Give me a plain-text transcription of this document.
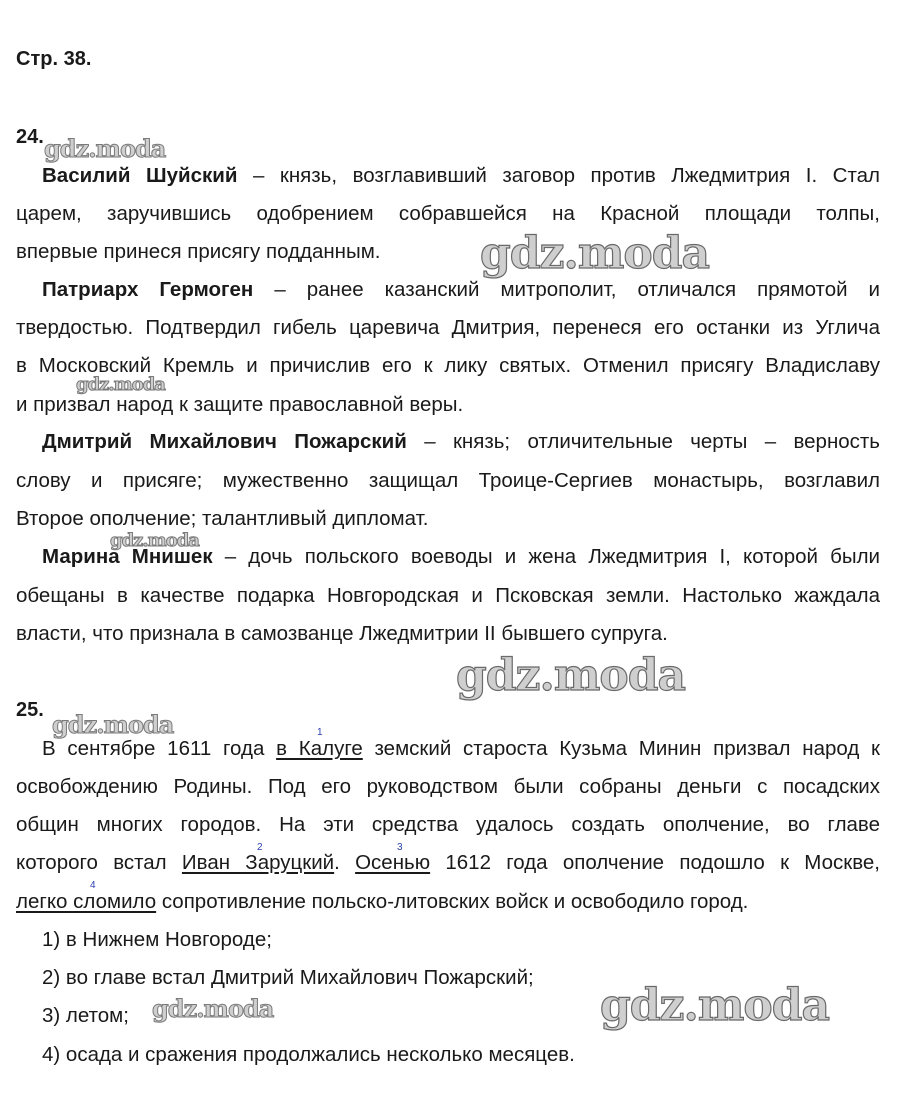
Стр. 38.
24.
Василий Шуйский – князь, возглавивший заговор против Лжедмитрия I. Стал
царем, заручившись одобрением собравшейся на Красной площади толпы,
впервые принеся присягу подданным.
Патриарх Гермоген – ранее казанский митрополит, отличался прямотой и
твердостью. Подтвердил гибель царевича Дмитрия, перенеся его останки из Углича
в Московский Кремль и причислив его к лику святых. Отменил присягу Владиславу
и призвал народ к защите православной веры.
Дмитрий Михайлович Пожарский – князь; отличительные черты – верность
слову и присяге; мужественно защищал Троице-Сергиев монастырь, возглавил
Второе ополчение; талантливый дипломат.
Марина Мнишек – дочь польского воеводы и жена Лжедмитрия I, которой были
обещаны в качестве подарка Новгородская и Псковская земли. Настолько жаждала
власти, что признала в самозванце Лжедмитрии II бывшего супруга.
25.
В сентябре 1611 года в Калуге земский староста Кузьма Минин призвал народ к
освобождению Родины. Под его руководством были собраны деньги с посадских
общин многих городов. На эти средства удалось создать ополчение, во главе
которого встал Иван Заруцкий. Осенью 1612 года ополчение подошло к Москве,
легко сломило сопротивление польско-литовских войск и освободило город.
1
2	3
4
1) в Нижнем Новгороде;
2) во главе встал Дмитрий Михайлович Пожарский;
3) летом;
4) осада и сражения продолжались несколько месяцев.
gdz.moda
gdz.moda
gdz.moda
gdz.moda
gdz.moda
gdz.moda
gdz.moda	gdz.moda
